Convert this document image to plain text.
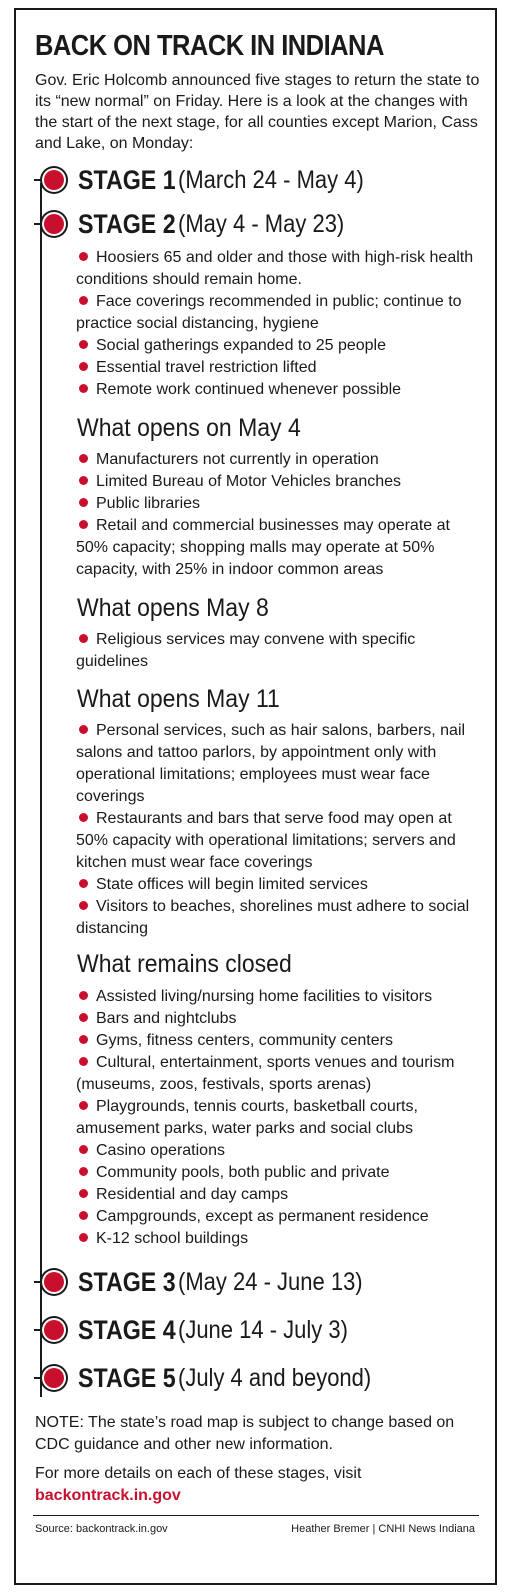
BACK ON TRACK IN INDIANA
Gov. Eric Holcomb announced five stages to return the state to its “new normal” on Friday. Here is a look at the changes with the start of the next stage, for all counties except Marion, Cass and Lake, on Monday:
STAGE 1 (March 24 - May 4)
STAGE 2 (May 4 - May 23)
Hoosiers 65 and older and those with high-risk health conditions should remain home.
Face coverings recommended in public; continue to practice social distancing, hygiene
Social gatherings expanded to 25 people
Essential travel restriction lifted
Remote work continued whenever possible
What opens on May 4
Manufacturers not currently in operation
Limited Bureau of Motor Vehicles branches
Public libraries
Retail and commercial businesses may operate at 50% capacity; shopping malls may operate at 50% capacity, with 25% in indoor common areas
What opens May 8
Religious services may convene with specific guidelines
What opens May 11
Personal services, such as hair salons, barbers, nail salons and tattoo parlors, by appointment only with operational limitations; employees must wear face coverings
Restaurants and bars that serve food may open at 50% capacity with operational limitations; servers and kitchen must wear face coverings
State offices will begin limited services
Visitors to beaches, shorelines must adhere to social distancing
What remains closed
Assisted living/nursing home facilities to visitors
Bars and nightclubs
Gyms, fitness centers, community centers
Cultural, entertainment, sports venues and tourism (museums, zoos, festivals, sports arenas)
Playgrounds, tennis courts, basketball courts, amusement parks, water parks and social clubs
Casino operations
Community pools, both public and private
Residential and day camps
Campgrounds, except as permanent residence
K-12 school buildings
STAGE 3 (May 24 - June 13)
STAGE 4 (June 14 - July 3)
STAGE 5 (July 4 and beyond)
NOTE: The state’s road map is subject to change based on CDC guidance and other new information.
For more details on each of these stages, visit
backontrack.in.gov
Source: backontrack.in.gov	Heather Bremer | CNHI News Indiana
